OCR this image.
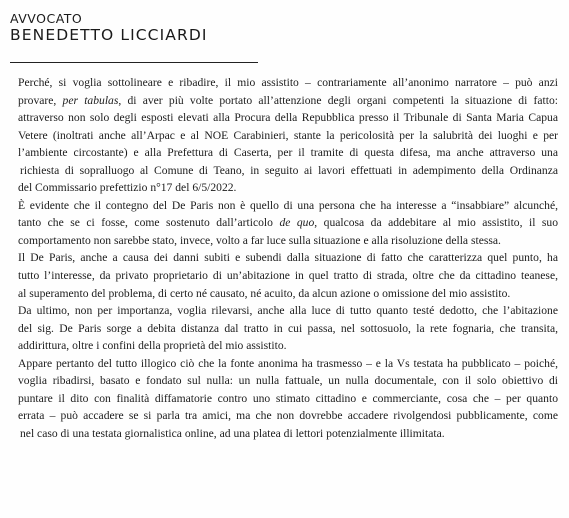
AVVOCATO
BENEDETTO LICCIARDI
Perché, si voglia sottolineare e ribadire, il mio assistito – contrariamente all’anonimo narratore – può anzi
provare, per tabulas, di aver più volte portato all’attenzione degli organi competenti la situazione di fatto:
attraverso non solo degli esposti elevati alla Procura della Repubblica presso il Tribunale di Santa Maria Capua
Vetere (inoltrati anche all’Arpac e al NOE Carabinieri, stante la pericolosità per la salubrità dei luoghi e per
l’ambiente circostante) e alla Prefettura di Caserta, per il tramite di questa difesa, ma anche attraverso una
richiesta di sopralluogo al Comune di Teano, in seguito ai lavori effettuati in adempimento della Ordinanza
del Commissario prefettizio n°17 del 6/5/2022.
È evidente che il contegno del De Paris non è quello di una persona che ha interesse a “insabbiare” alcunché,
tanto che se ci fosse, come sostenuto dall’articolo de quo, qualcosa da addebitare al mio assistito, il suo
comportamento non sarebbe stato, invece, volto a far luce sulla situazione e alla risoluzione della stessa.
Il De Paris, anche a causa dei danni subiti e subendi dalla situazione di fatto che caratterizza quel punto, ha
tutto l’interesse, da privato proprietario di un’abitazione in quel tratto di strada, oltre che da cittadino teanese,
al superamento del problema, di certo né causato, né acuito, da alcun azione o omissione del mio assistito.
Da ultimo, non per importanza, voglia rilevarsi, anche alla luce di tutto quanto testé dedotto, che l’abitazione
del sig. De Paris sorge a debita distanza dal tratto in cui passa, nel sottosuolo, la rete fognaria, che transita,
addirittura, oltre i confini della proprietà del mio assistito.
Appare pertanto del tutto illogico ciò che la fonte anonima ha trasmesso – e la Vs testata ha pubblicato – poiché,
voglia ribadirsi, basato e fondato sul nulla: un nulla fattuale, un nulla documentale, con il solo obiettivo di
puntare il dito con finalità diffamatorie contro uno stimato cittadino e commerciante, cosa che – per quanto
errata – può accadere se si parla tra amici, ma che non dovrebbe accadere rivolgendosi pubblicamente, come
nel caso di una testata giornalistica online, ad una platea di lettori potenzialmente illimitata.
